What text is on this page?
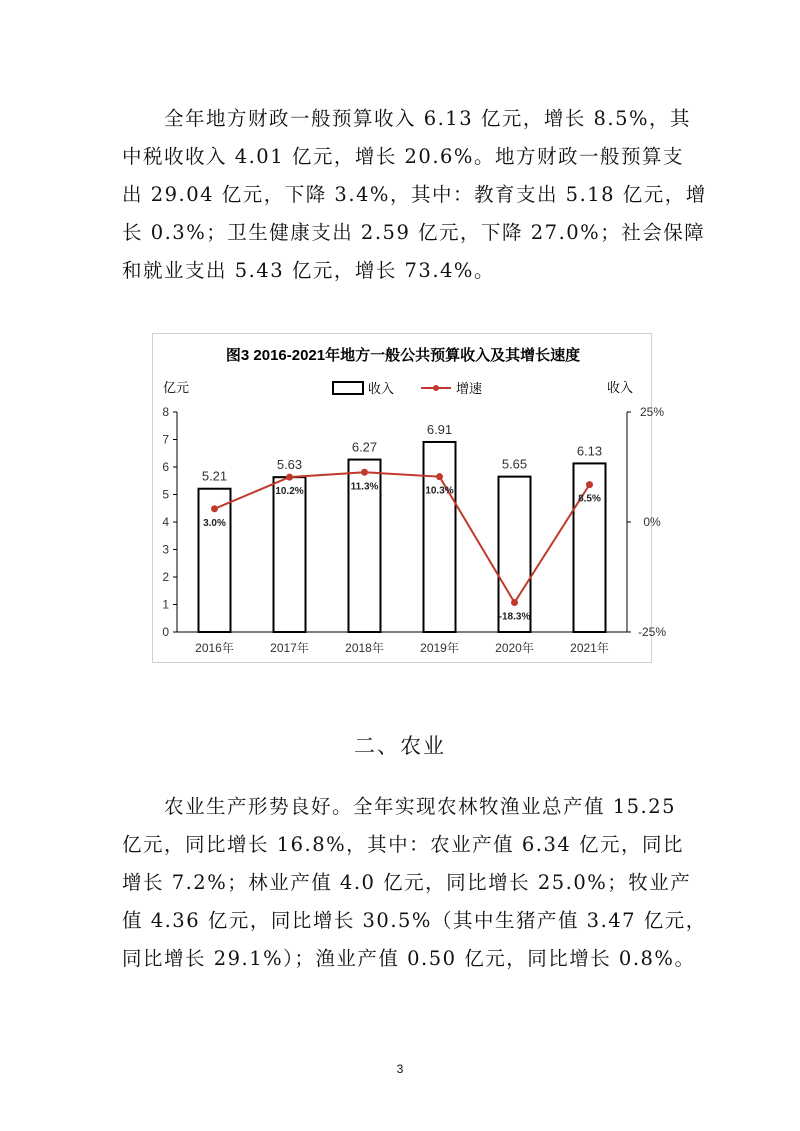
全年地方财政一般预算收入 6.13 亿元，增长 8.5%，其
中税收收入 4.01 亿元，增长 20.6%。地方财政一般预算支
出 29.04 亿元，下降 3.4%，其中：教育支出 5.18 亿元，增
长 0.3%；卫生健康支出 2.59 亿元，下降 27.0%；社会保障
和就业支出 5.43 亿元，增长 73.4%。
图3 2016-2021年地方一般公共预算收入及其增长速度
亿元	收入
收入	增速
0
1
2
3
4
5
6
7
8
-25%
0%
25%
5.21
2016年
5.63
2017年
6.27
2018年
6.91
2019年
5.65
2020年
6.13
2021年
3.0%
10.2%	11.3%	10.3%
-18.3%
8.5%
二、农业
农业生产形势良好。全年实现农林牧渔业总产值 15.25
亿元，同比增长 16.8%，其中：农业产值 6.34 亿元，同比
增长 7.2%；林业产值 4.0 亿元，同比增长 25.0%；牧业产
值 4.36 亿元，同比增长 30.5%（其中生猪产值 3.47 亿元，
同比增长 29.1%）；渔业产值 0.50 亿元，同比增长 0.8%。
3
